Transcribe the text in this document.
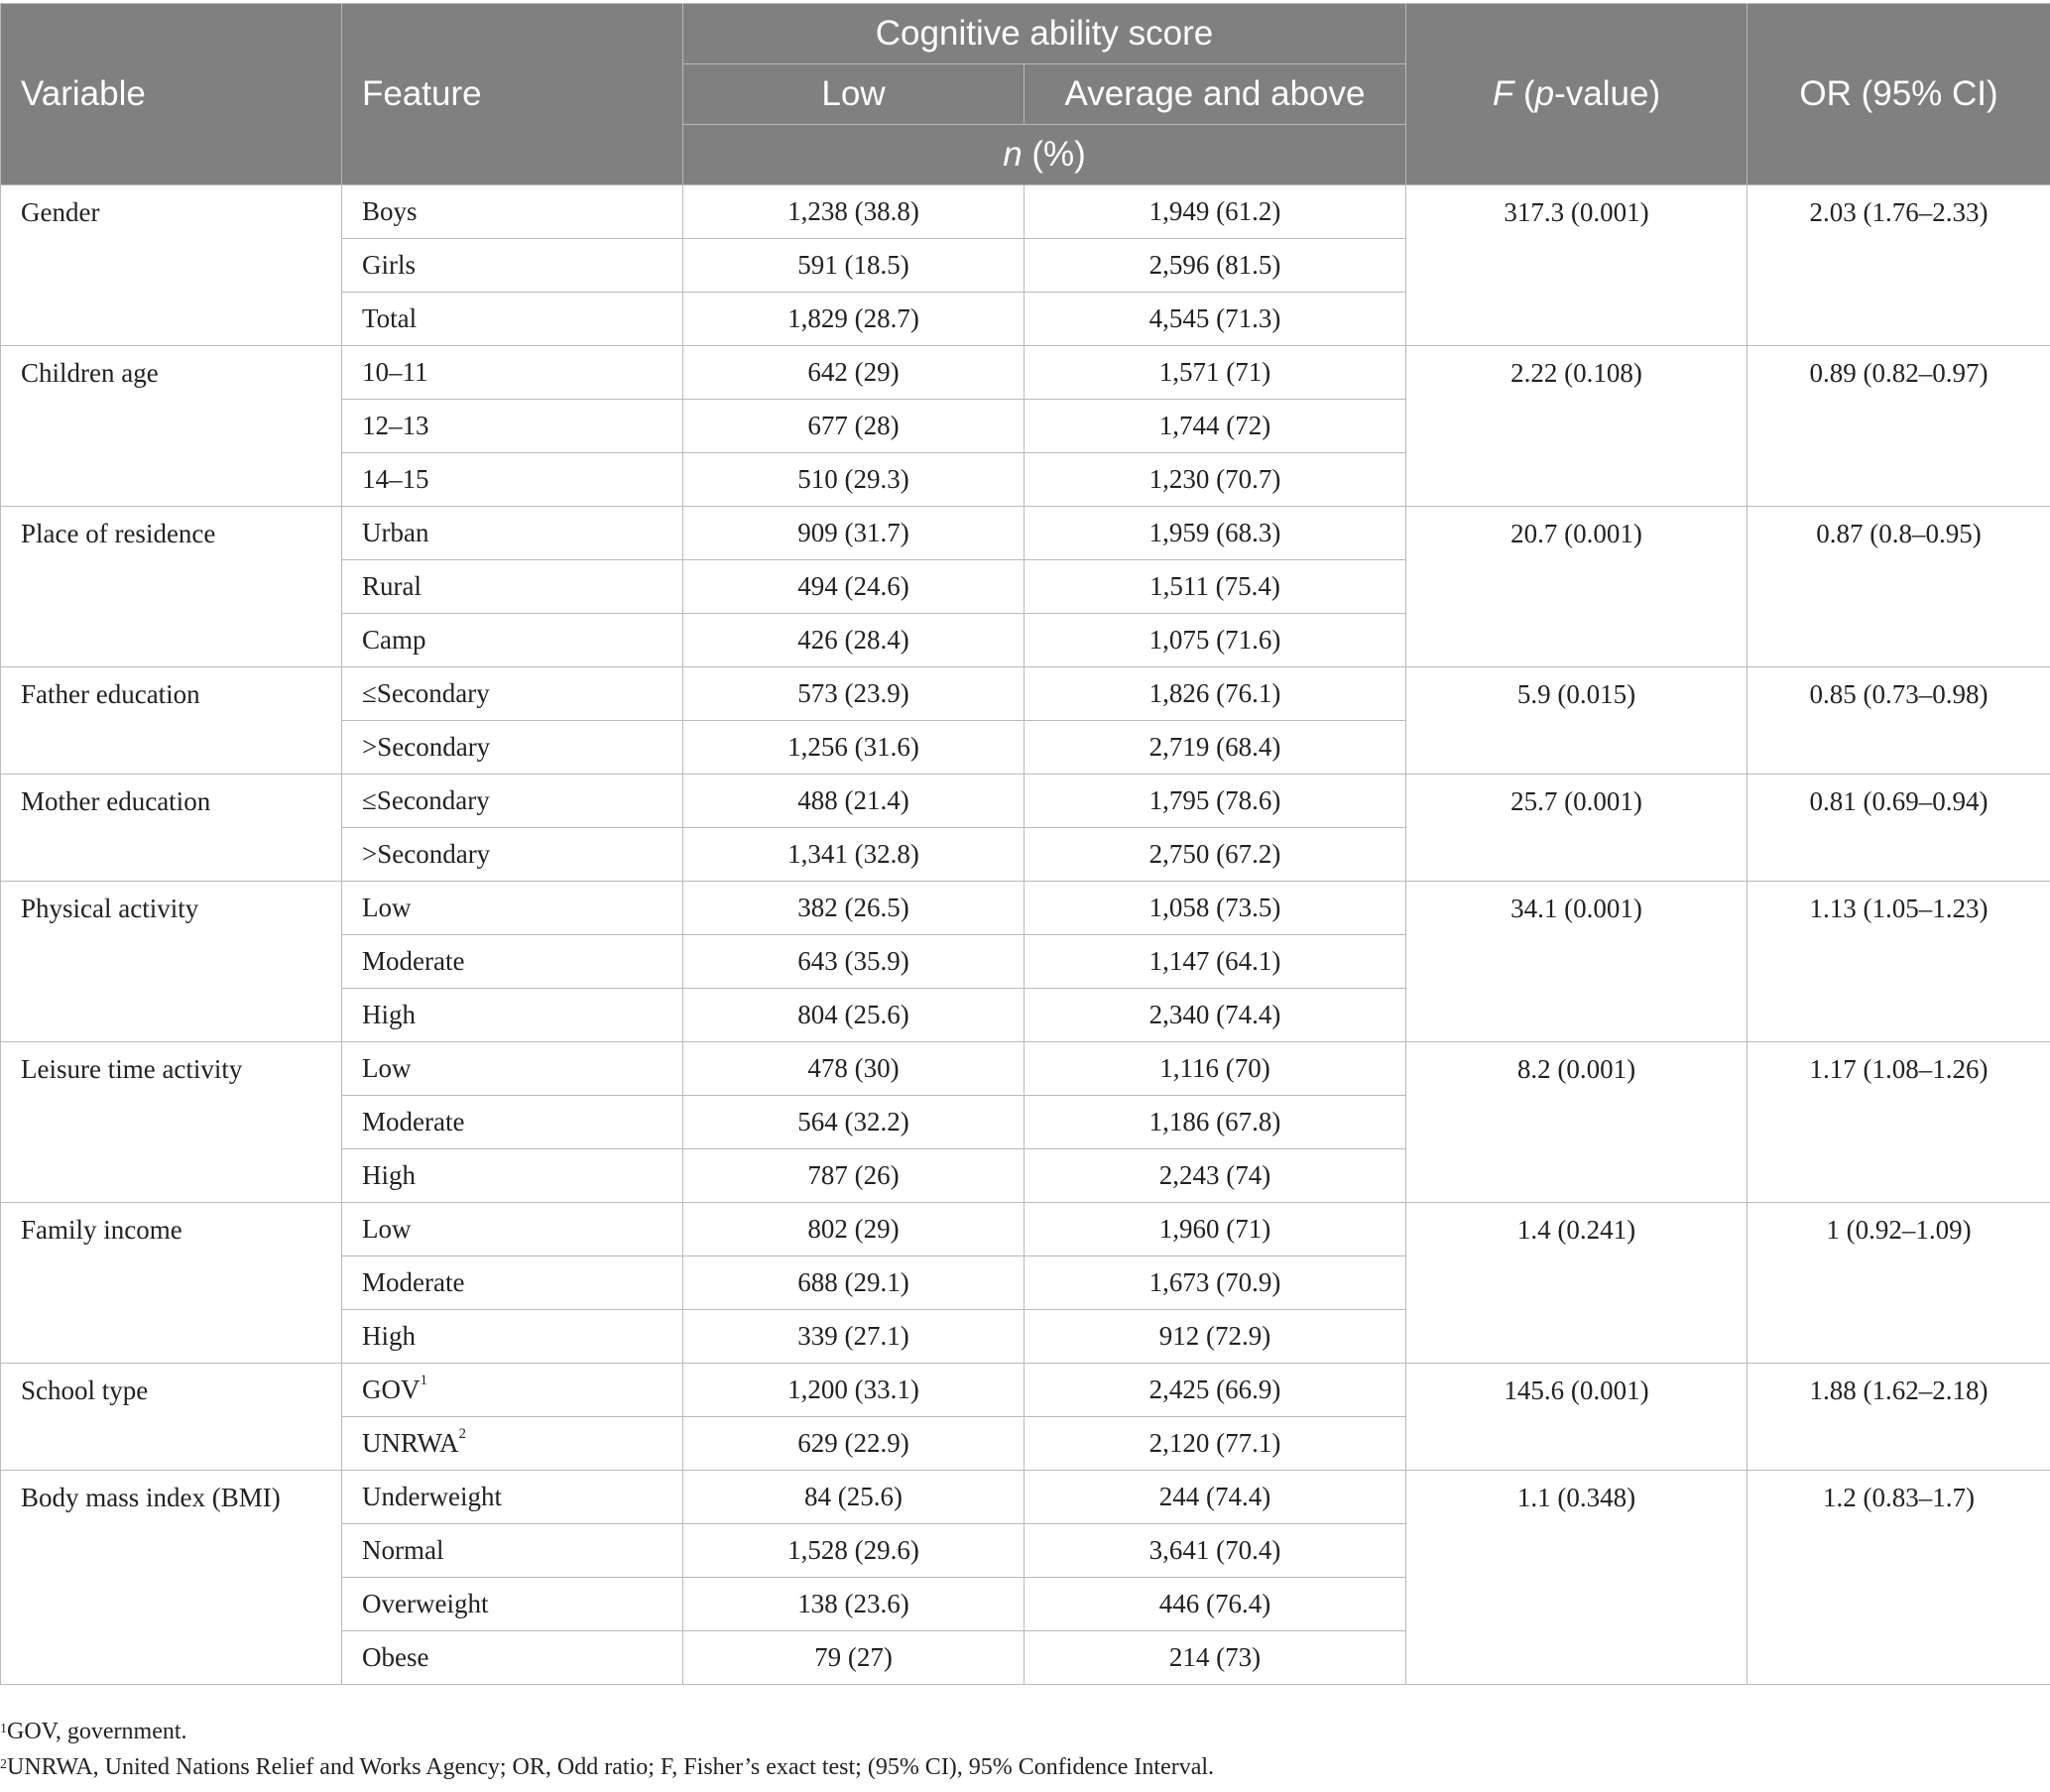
Variable	Feature	Cognitive ability score		F (p-value)	OR (95% CI)
		Low	Average and above		
		n (%)			
Gender	Boys	1,238 (38.8)	1,949 (61.2)	317.3 (0.001)	2.03 (1.76–2.33)
	Girls	591 (18.5)	2,596 (81.5)		
	Total	1,829 (28.7)	4,545 (71.3)		
Children age	10–11	642 (29)	1,571 (71)	2.22 (0.108)	0.89 (0.82–0.97)
	12–13	677 (28)	1,744 (72)		
	14–15	510 (29.3)	1,230 (70.7)		
Place of residence	Urban	909 (31.7)	1,959 (68.3)	20.7 (0.001)	0.87 (0.8–0.95)
	Rural	494 (24.6)	1,511 (75.4)		
	Camp	426 (28.4)	1,075 (71.6)		
Father education	≤Secondary	573 (23.9)	1,826 (76.1)	5.9 (0.015)	0.85 (0.73–0.98)
	>Secondary	1,256 (31.6)	2,719 (68.4)		
Mother education	≤Secondary	488 (21.4)	1,795 (78.6)	25.7 (0.001)	0.81 (0.69–0.94)
	>Secondary	1,341 (32.8)	2,750 (67.2)		
Physical activity	Low	382 (26.5)	1,058 (73.5)	34.1 (0.001)	1.13 (1.05–1.23)
	Moderate	643 (35.9)	1,147 (64.1)		
	High	804 (25.6)	2,340 (74.4)		
Leisure time activity	Low	478 (30)	1,116 (70)	8.2 (0.001)	1.17 (1.08–1.26)
	Moderate	564 (32.2)	1,186 (67.8)		
	High	787 (26)	2,243 (74)		
Family income	Low	802 (29)	1,960 (71)	1.4 (0.241)	1 (0.92–1.09)
	Moderate	688 (29.1)	1,673 (70.9)		
	High	339 (27.1)	912 (72.9)		
School type	GOV$^1$	1,200 (33.1)	2,425 (66.9)	145.6 (0.001)	1.88 (1.62–2.18)
	UNRWA$^2$	629 (22.9)	2,120 (77.1)		
Body mass index (BMI)	Underweight	84 (25.6)	244 (74.4)	1.1 (0.348)	1.2 (0.83–1.7)
	Normal	1,528 (29.6)	3,641 (70.4)		
	Overweight	138 (23.6)	446 (76.4)		
	Obese	79 (27)	214 (73)		
$^1$GOV, government.
$^2$UNRWA, United Nations Relief and Works Agency; OR, Odd ratio; F, Fisher’s exact test; (95% CI), 95% Confidence Interval.
